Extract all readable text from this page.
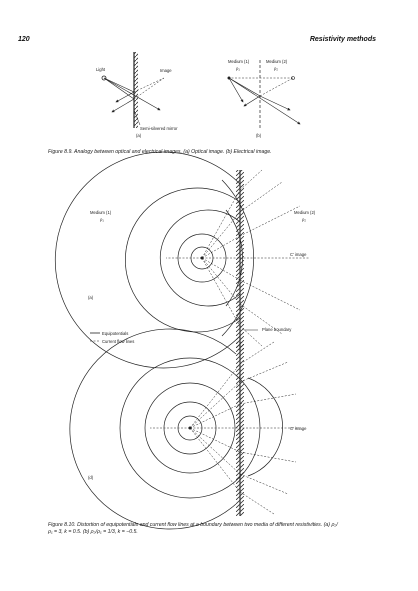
120	Resistivity methods
Light	Image
Semi-silvered mirror
(a)
Medium (1)
ρ₁
Medium (2)
ρ₂
(b)
Medium (1)
ρ₁
Medium (2)
ρ₂
C' image
(a)
Plane boundary
Equipotentials
Current flow lines
C' image
(d)
Figure 8.9. Analogy between optical and electrical images. (a) Optical image. (b) Electrical image.
Figure 8.10. Distortion of equipotentials and current flow lines at a boundary between two media of different resistivities. (a) ρ₂/ρ₁ = 3, k = 0.5. (b) ρ₂/ρ₁ = 1/3, k = −0.5.
